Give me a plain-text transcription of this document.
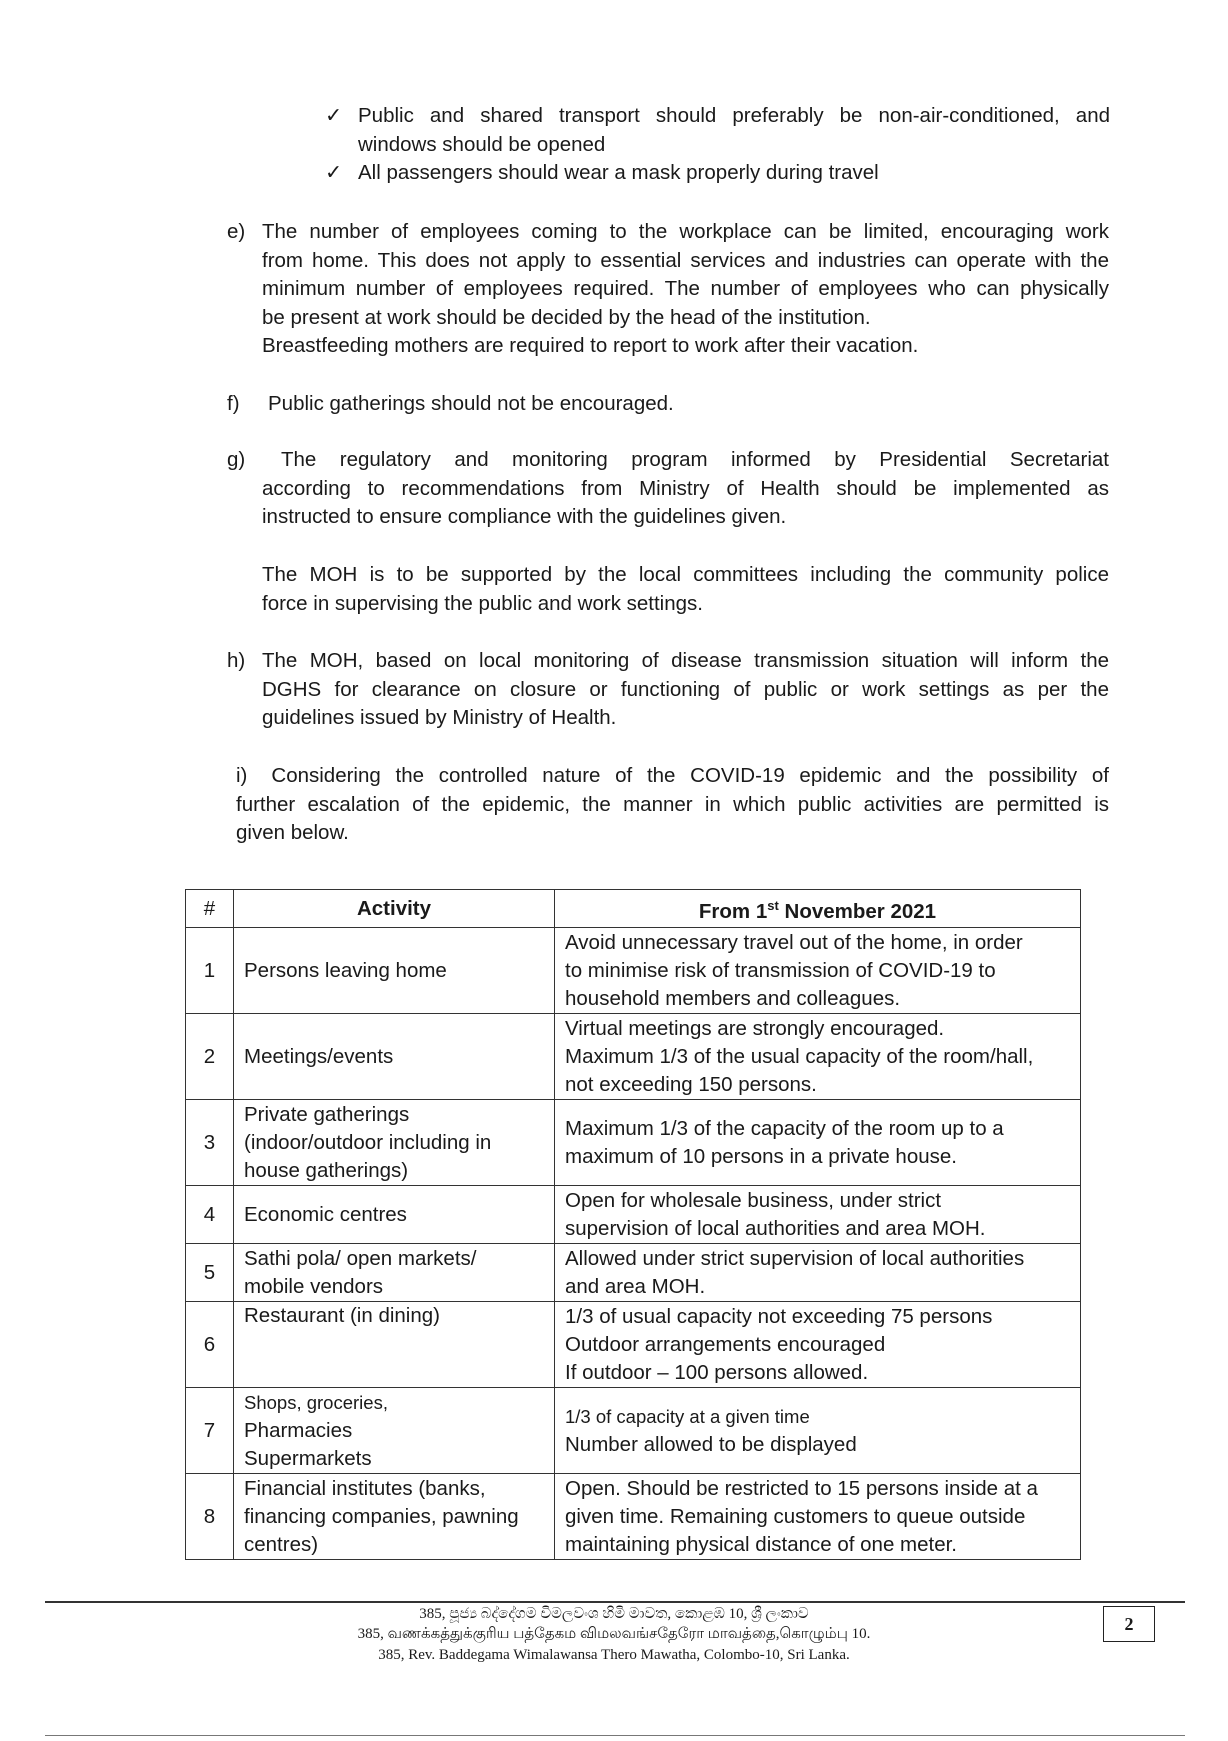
✓ Public and shared transport should preferably be non-air-conditioned, and
windows should be opened
✓ All passengers should wear a mask properly during travel
e) The number of employees coming to the workplace can be limited, encouraging work
from home. This does not apply to essential services and industries can operate with the
minimum number of employees required. The number of employees who can physically
be present at work should be decided by the head of the institution.
Breastfeeding mothers are required to report to work after their vacation.
f) Public gatherings should not be encouraged.
g)	The regulatory and monitoring program informed by Presidential Secretariat
according to recommendations from Ministry of Health should be implemented as
instructed to ensure compliance with the guidelines given.
The MOH is to be supported by the local committees including the community police
force in supervising the public and work settings.
h) The MOH, based on local monitoring of disease transmission situation will inform the
DGHS for clearance on closure or functioning of public or work settings as per the
guidelines issued by Ministry of Health.
i) Considering the controlled nature of the COVID-19 epidemic and the possibility of
further escalation of the epidemic, the manner in which public activities are permitted is
given below.
#	Activity	From 1st November 2021
1	Persons leaving home	Avoid unnecessary travel out of the home, in order
to minimise risk of transmission of COVID-19 to
household members and colleagues.

2	Meetings/events	Virtual meetings are strongly encouraged.
Maximum 1/3 of the usual capacity of the room/hall,
not exceeding 150 persons.

3	Private gatherings
(indoor/outdoor including in
house gatherings)	Maximum 1/3 of the capacity of the room up to a
maximum of 10 persons in a private house.

4	Economic centres	Open for wholesale business, under strict
supervision of local authorities and area MOH.

5	Sathi pola/ open markets/
mobile vendors	Allowed under strict supervision of local authorities
and area MOH.

6	Restaurant (in dining)	1/3 of usual capacity not exceeding 75 persons
Outdoor arrangements encouraged
If outdoor – 100 persons allowed.

7	Shops, groceries,
Pharmacies
Supermarkets	1/3 of capacity at a given time
Number allowed to be displayed

8	Financial institutes (banks,
financing companies, pawning
centres)	Open. Should be restricted to 15 persons inside at a
given time. Remaining customers to queue outside
maintaining physical distance of one meter.
385, පූජ්‍ය බද්දේගම විමලවංශ හිමි මාවත, කොළඹ 10, ශ්‍රී ලංකාව
385, வணக்கத்துக்குரிய பத்தேகம விமலவங்சதேரோ மாவத்தை,கொழும்பு 10.
385, Rev. Baddegama Wimalawansa Thero Mawatha, Colombo-10, Sri Lanka.
2
